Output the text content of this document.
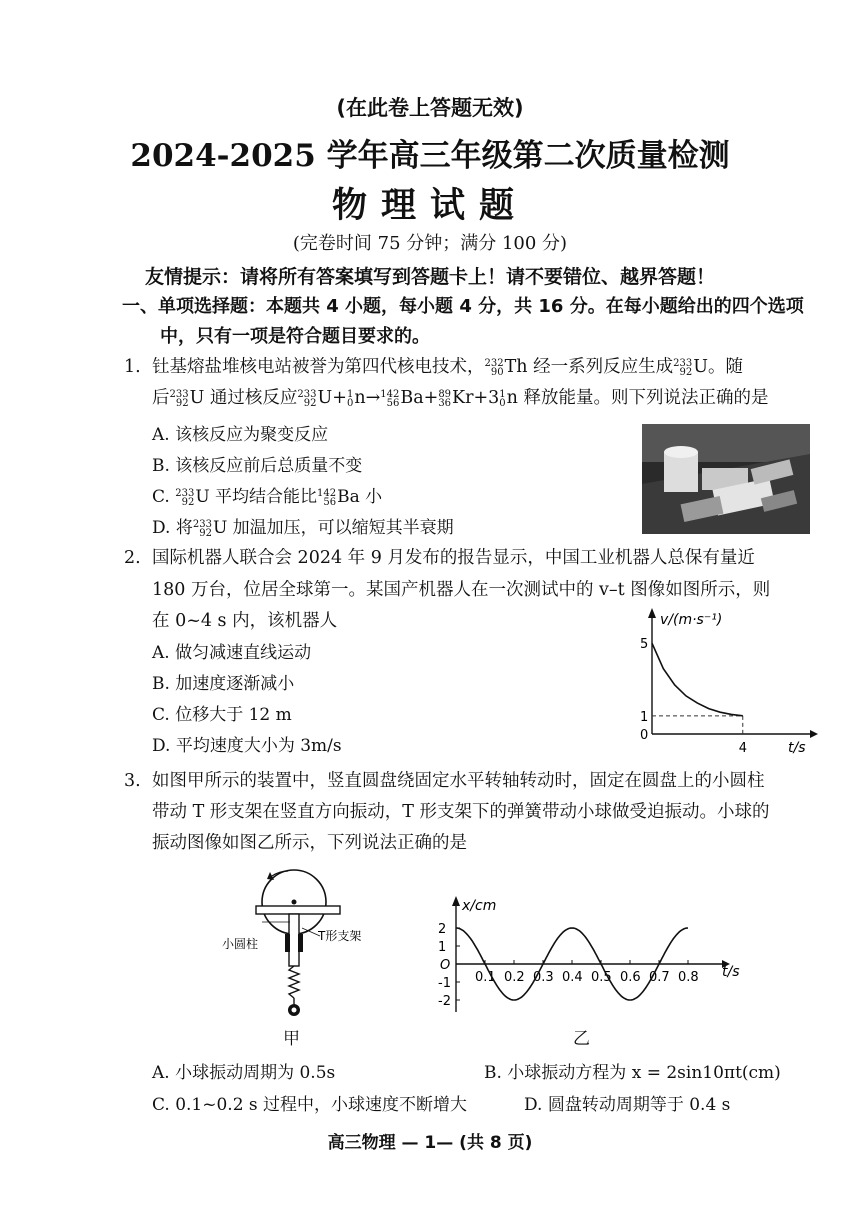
(在此卷上答题无效)
2024-2025 学年高三年级第二次质量检测
物理试题
(完卷时间 75 分钟；满分 100 分)
友情提示：请将所有答案填写到答题卡上！请不要错位、越界答题！
一、单项选择题：本题共 4 小题，每小题 4 分，共 16 分。在每小题给出的四个选项
中，只有一项是符合题目要求的。
1. 钍基熔盐堆核电站被誉为第四代核电技术， 232
90 Th 经一系列反应生成 233
92 U。随
后 233
92 U 通过核反应 233
92 U+ 1
0 n→ 142
56 Ba+ 89
36 Kr+3 1
0 n 释放能量。则下列说法正确的是
A. 该核反应为聚变反应
B. 该核反应前后总质量不变
C. 233
92 U 平均结合能比 142
56 Ba 小
D. 将 233
92 U 加温加压，可以缩短其半衰期
2. 国际机器人联合会 2024 年 9 月发布的报告显示，中国工业机器人总保有量近
180 万台，位居全球第一。某国产机器人在一次测试中的 v–t 图像如图所示，则
在 0~4 s 内，该机器人
A. 做匀减速直线运动
B. 加速度逐渐减小
C. 位移大于 12 m
D. 平均速度大小为 3m/s
v/(m·s⁻¹)
t/s
0
5
1
4
3. 如图甲所示的装置中，竖直圆盘绕固定水平转轴转动时，固定在圆盘上的小圆柱
带动 T 形支架在竖直方向振动，T 形支架下的弹簧带动小球做受迫振动。小球的
振动图像如图乙所示，下列说法正确的是
小圆柱
T形支架
甲
x/cm
t/s
O
2
1
-1
-2
0.1 0.2 0.3 0.4 0.5 0.6 0.7 0.8
乙
A. 小球振动周期为 0.5s	B. 小球振动方程为 x = 2sin10πt(cm)
C. 0.1~0.2 s 过程中，小球速度不断增大	D. 圆盘转动周期等于 0.4 s
高三物理 — 1— (共 8 页)
